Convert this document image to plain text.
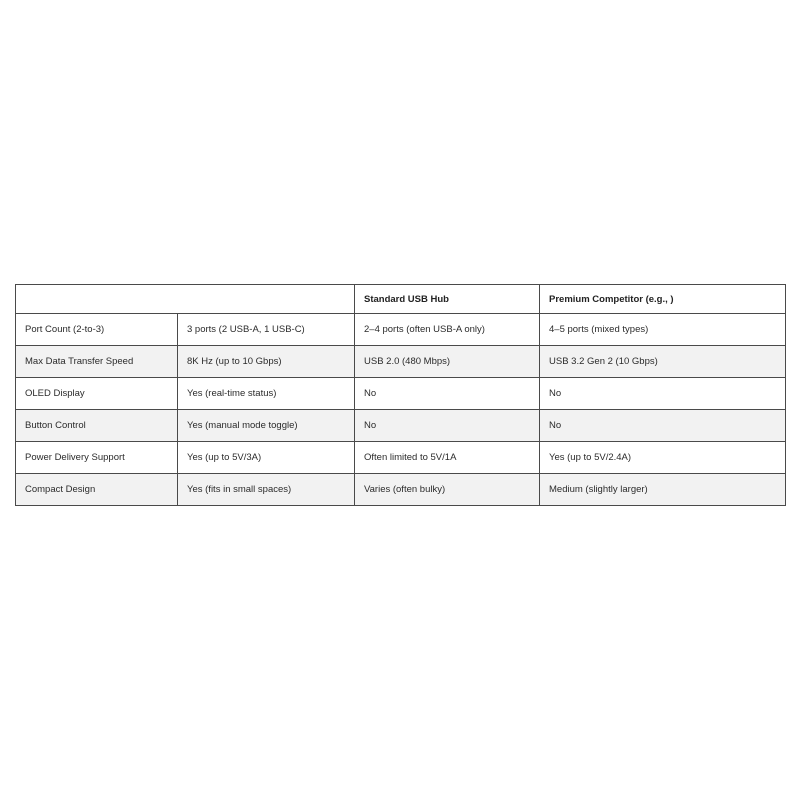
		Standard USB Hub	Premium Competitor (e.g., )
Port Count (2-to-3)	3 ports (2 USB-A, 1 USB-C)	2–4 ports (often USB-A only)	4–5 ports (mixed types)
Max Data Transfer Speed	8K Hz (up to 10 Gbps)	USB 2.0 (480 Mbps)	USB 3.2 Gen 2 (10 Gbps)
OLED Display	Yes (real-time status)	No	No
Button Control	Yes (manual mode toggle)	No	No
Power Delivery Support	Yes (up to 5V/3A)	Often limited to 5V/1A	Yes (up to 5V/2.4A)
Compact Design	Yes (fits in small spaces)	Varies (often bulky)	Medium (slightly larger)
